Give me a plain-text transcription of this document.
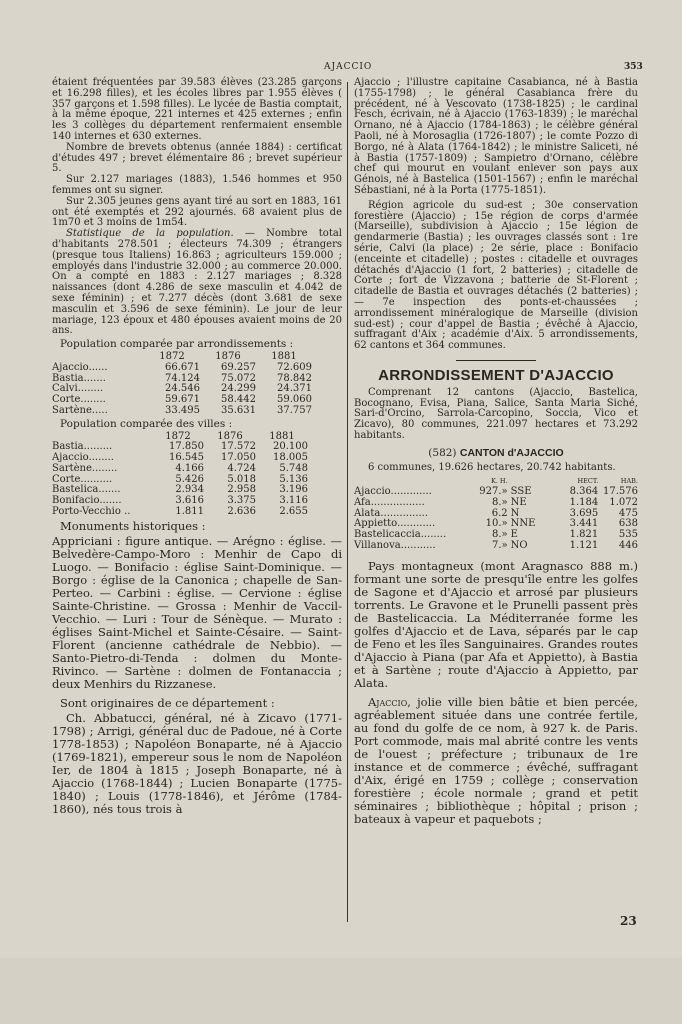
AJACCIO	353

étaient fréquentées par 39.583 élèves (23.285 garçons et 16.298 filles), et les écoles libres par 1.955 élèves ( 357 garçons et 1.598 filles). Le lycée de Bastia comptait, à la même époque, 221 internes et 425 externes ; enfin les 3 collèges du département renfermaient ensemble 140 internes et 630 externes.

Nombre de brevets obtenus (année 1884) : certificat d'études 497 ; brevet élémentaire 86 ; brevet supérieur 5.

Sur 2.127 mariages (1883), 1.546 hommes et 950 femmes ont su signer.

Sur 2.305 jeunes gens ayant tiré au sort en 1883, 161 ont été exemptés et 292 ajournés. 68 avaient plus de 1m70 et 3 moins de 1m54.

Statistique de la population. — Nombre total d'habitants 278.501 ; électeurs 74.309 ; étrangers (presque tous Italiens) 16.863 ; agriculteurs 159.000 ; employés dans l'industrie 32.000 ; au commerce 20.000. On a compté en 1883 : 2.127 mariages ; 8.328 naissances (dont 4.286 de sexe masculin et 4.042 de sexe féminin) ; et 7.277 décès (dont 3.681 de sexe masculin et 3.596 de sexe féminin). Le jour de leur mariage, 123 époux et 480 épouses avaient moins de 20 ans.

Population comparée par arrondissements :
	1872	1876	1881
Ajaccio......	66.671	69.257	72.609
Bastia.......	74.124	75.072	78.842
Calvi........	24.546	24.299	24.371
Corte........	59.671	58.442	59.060
Sartène.....	33.495	35.631	37.757
Population comparée des villes :
	1872	1876	1881
Bastia.........	17.850	17.572	20.100
Ajaccio........	16.545	17.050	18.005
Sartène........	4.166	4.724	5.748
Corte..........	5.426	5.018	5.136
Bastelica.......	2.934	2.958	3.196
Bonifacio.......	3.616	3.375	3.116
Porto-Vecchio ..	1.811	2.636	2.655
Monuments historiques :

Appriciani : figure antique. — Arégno : église. — Belvedère-Campo-Moro : Menhir de Capo di Luogo. — Bonifacio : église Saint-Dominique. — Borgo : église de la Canonica ; chapelle de San-Perteo. — Carbini : église. — Cervione : église Sainte-Christine. — Grossa : Menhir de Vaccil-Vecchio. — Luri : Tour de Sénèque. — Murato : églises Saint-Michel et Sainte-Césaire. — Saint-Florent (ancienne cathédrale de Nebbio). — Santo-Pietro-di-Tenda : dolmen du Monte-Rivinco. — Sartène : dolmen de Fontanaccia ; deux Menhirs du Rizzanese.

Sont originaires de ce département :

Ch. Abbatucci, général, né à Zicavo (1771-1798) ; Arrigi, général duc de Padoue, né à Corte 1778-1853) ; Napoléon Bonaparte, né à Ajaccio (1769-1821), empereur sous le nom de Napoléon Ier, de 1804 à 1815 ; Joseph Bonaparte, né à Ajaccio (1768-1844) ; Lucien Bonaparte (1775-1840) ; Louis (1778-1846), et Jérôme (1784-1860), nés tous trois à

Ajaccio ; l'illustre capitaine Casabianca, né à Bastia (1755-1798) ; le général Casabianca frère du précédent, né à Vescovato (1738-1825) ; le cardinal Fesch, écrivain, né à Ajaccio (1763-1839) ; le maréchal Ornano, né à Ajaccio (1784-1863) ; le célèbre général Paoli, né à Morosaglia (1726-1807) ; le comte Pozzo di Borgo, né à Alata (1764-1842) ; le ministre Saliceti, né à Bastia (1757-1809) ; Sampietro d'Ornano, célèbre chef qui mourut en voulant enlever son pays aux Génois, né à Bastelica (1501-1567) ; enfin le maréchal Sébastiani, né à la Porta (1775-1851).

Région agricole du sud-est ; 30e conservation forestière (Ajaccio) ; 15e région de corps d'armée (Marseille), subdivision à Ajaccio ; 15e légion de gendarmerie (Bastia) ; les ouvrages classés sont : 1re série, Calvi (la place) ; 2e série, place : Bonifacio (enceinte et citadelle) ; postes : citadelle et ouvrages détachés d'Ajaccio (1 fort, 2 batteries) ; citadelle de Corte ; fort de Vizzavona ; batterie de St-Florent ; citadelle de Bastia et ouvrages détachés (2 batteries) ; — 7e inspection des ponts-et-chaussées ; arrondissement minéralogique de Marseille (division sud-est) ; cour d'appel de Bastia ; évêché à Ajaccio, suffragant d'Aix ; académie d'Aix. 5 arrondissements, 62 cantons et 364 communes.

ARRONDISSEMENT D'AJACCIO

Comprenant 12 cantons (Ajaccio, Bastelica, Bocognano, Evisa, Piana, Salice, Santa Maria Siché, Sari-d'Orcino, Sarrola-Carcopino, Soccia, Vico et Zicavo), 80 communes, 221.097 hectares et 73.292 habitants.

(582) CANTON d'AJACCIO

6 communes, 19.626 hectares, 20.742 habitants.

	K. H.		HECT.	HAB.
Ajaccio.............	927.»	SSE	8.364	17.576
Afa.................	8.»	NE	1.184	1.072
Alata...............	6.2	N	3.695	475
Appietto............	10.»	NNE	3.441	638
Bastelicaccia........	8.»	E	1.821	535
Villanova...........	7.»	NO	1.121	446

Pays montagneux (mont Aragnasco 888 m.) formant une sorte de presqu'île entre les golfes de Sagone et d'Ajaccio et arrosé par plusieurs torrents. Le Gravone et le Prunelli passent près de Bastelicaccia. La Méditerranée forme les golfes d'Ajaccio et de Lava, séparés par le cap de Feno et les îles Sanguinaires. Grandes routes d'Ajaccio à Piana (par Afa et Appietto), à Bastia et à Sartène ; route d'Ajaccio à Appietto, par Alata.

Ajaccio, jolie ville bien bâtie et bien percée, agréablement située dans une contrée fertile, au fond du golfe de ce nom, à 927 k. de Paris. Port commode, mais mal abrité contre les vents de l'ouest ; préfecture ; tribunaux de 1re instance et de commerce ; évêché, suffragant d'Aix, érigé en 1759 ; collège ; conservation forestière ; école normale ; grand et petit séminaires ; bibliothèque ; hôpital ; prison ; bateaux à vapeur et paquebots ;

23
